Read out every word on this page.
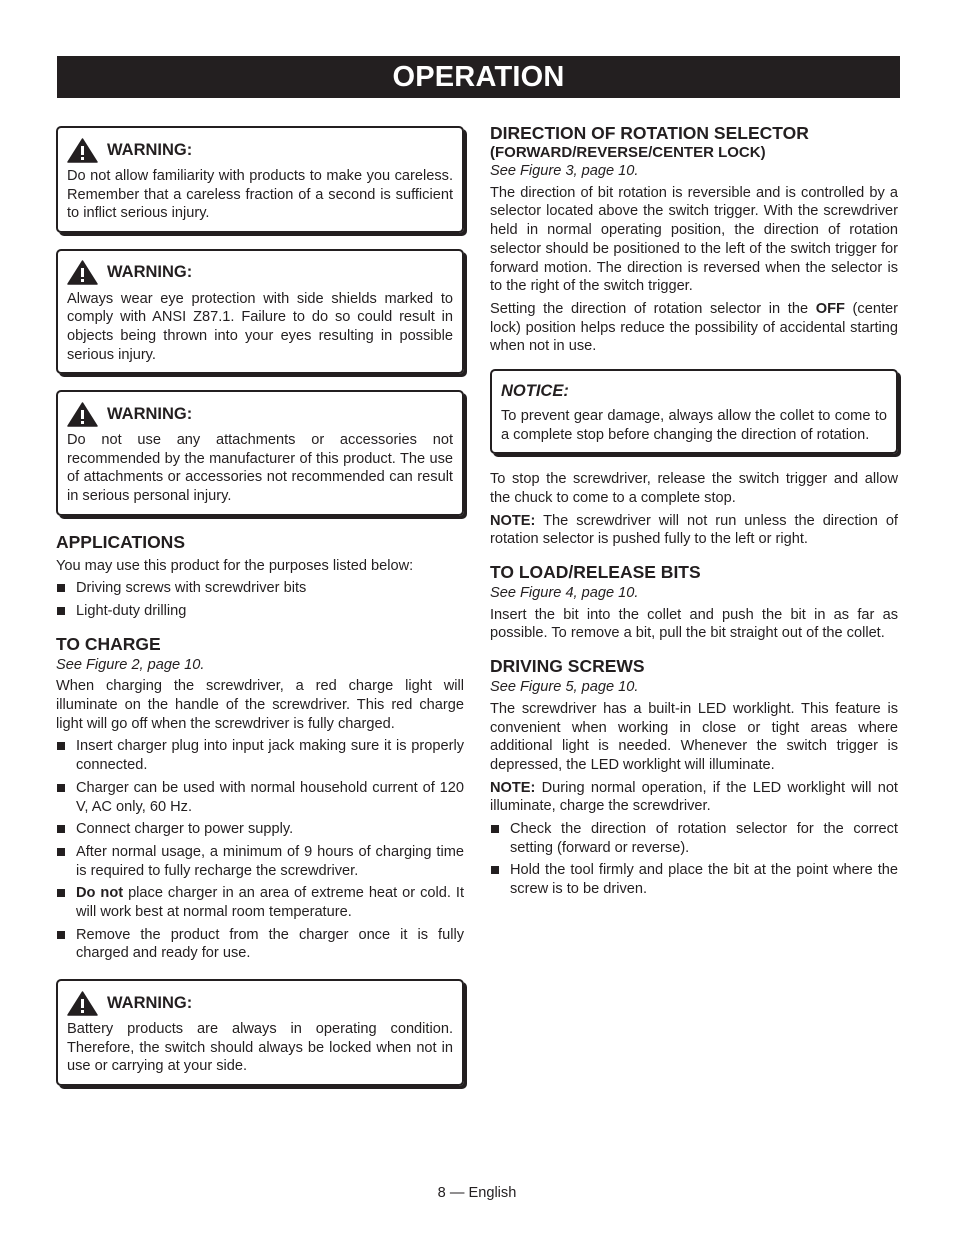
OPERATION
WARNING:

Do not allow familiarity with products to make you careless. Remember that a careless fraction of a second is sufficient to inflict serious injury.

WARNING:

Always wear eye protection with side shields marked to comply with ANSI Z87.1. Failure to do so could result in objects being thrown into your eyes resulting in possible serious injury.

WARNING:

Do not use any attachments or accessories not recommended by the manufacturer of this product. The use of attachments or accessories not recommended can result in serious personal injury.

APPLICATIONS

You may use this product for the purposes listed below:

Driving screws with screwdriver bits
Light-duty drilling
TO CHARGE
See Figure 2, page 10.

When charging the screwdriver, a red charge light will illuminate on the handle of the screwdriver. This red charge light will go off when the screwdriver is fully charged.

Insert charger plug into input jack making sure it is properly connected.
Charger can be used with normal household current of 120 V, AC only, 60 Hz.
Connect charger to power supply.
After normal usage, a minimum of 9 hours of charging time is required to fully recharge the screwdriver.
Do not place charger in an area of extreme heat or cold. It will work best at normal room temperature.
Remove the product from the charger once it is fully charged and ready for use.
WARNING:

Battery products are always in operating condition. Therefore, the switch should always be locked when not in use or carrying at your side.

DIRECTION OF ROTATION SELECTOR
(FORWARD/REVERSE/CENTER LOCK)
See Figure 3, page 10.

The direction of bit rotation is reversible and is controlled by a selector located above the switch trigger. With the screwdriver held in normal operating position, the direction of rotation selector should be positioned to the left of the switch trigger for forward motion. The direction is reversed when the selector is to the right of the switch trigger.

Setting the direction of rotation selector in the OFF (center lock) position helps reduce the possibility of accidental starting when not in use.

NOTICE:

To prevent gear damage, always allow the collet to come to a complete stop before changing the direction of rotation.

To stop the screwdriver, release the switch trigger and allow the chuck to come to a complete stop.

NOTE: The screwdriver will not run unless the direction of rotation selector is pushed fully to the left or right.

TO LOAD/RELEASE BITS
See Figure 4, page 10.

Insert the bit into the collet and push the bit in as far as possible. To remove a bit, pull the bit straight out of the collet.

DRIVING SCREWS
See Figure 5, page 10.

The screwdriver has a built-in LED worklight. This feature is convenient when working in close or tight areas where additional light is needed. Whenever the switch trigger is depressed, the LED worklight will illuminate.

NOTE: During normal operation, if the LED worklight will not illuminate, charge the screwdriver.

Check the direction of rotation selector for the correct setting (forward or reverse).
Hold the tool firmly and place the bit at the point where the screw is to be driven.
8 — English
